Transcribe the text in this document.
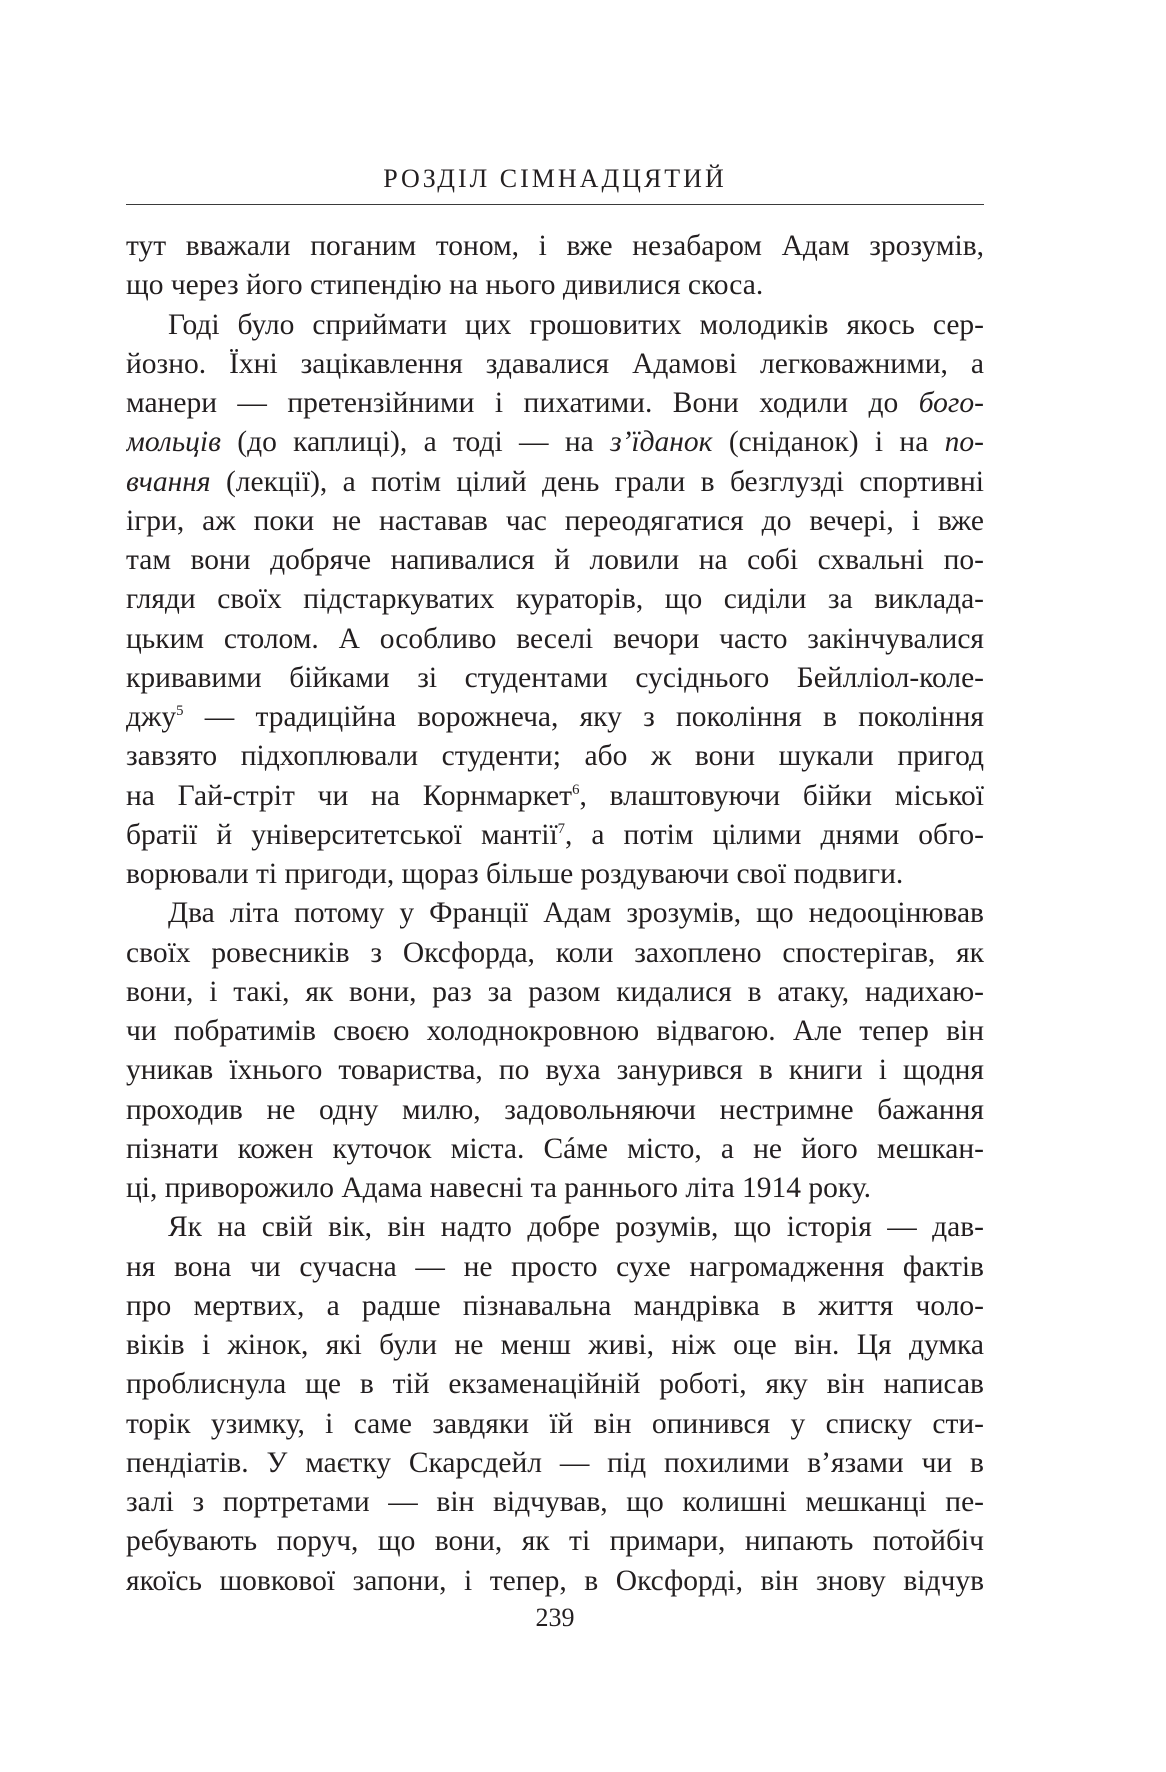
РОЗДІЛ СІМНАДЦЯТИЙ
тут вважали поганим тоном, і вже незабаром Адам зрозумів,
що через його стипендію на нього дивилися скоса.
Годі було сприймати цих грошовитих молодиків якось сер-
йозно. Їхні зацікавлення здавалися Адамові легковажними, а
манери — претензійними і пихатими. Вони ходили до бого-
мольців (до каплиці), а тоді — на з’їданок (сніданок) і на по-
вчання (лекції), а потім цілий день грали в безглузді спортивні
ігри, аж поки не наставав час переодягатися до вечері, і вже
там вони добряче напивалися й ловили на собі схвальні по-
гляди своїх підстаркуватих кураторів, що сиділи за виклада-
цьким столом. А особливо веселі вечори часто закінчувалися
кривавими бійками зі студентами сусіднього Бейлліол-коле-
джу$^5$ — традиційна ворожнеча, яку з покоління в покоління
завзято підхоплювали студенти; або ж вони шукали пригод
на Гай-стріт чи на Корнмаркет$^6$, влаштовуючи бійки міської
братії й університетської мантії$^7$, а потім цілими днями обго-
ворювали ті пригоди, щораз більше роздуваючи свої подвиги.
Два літа потому у Франції Адам зрозумів, що недооцінював
своїх ровесників з Оксфорда, коли захоплено спостерігав, як
вони, і такі, як вони, раз за разом кидалися в атаку, надихаю-
чи побратимів своєю холоднокровною відвагою. Але тепер він
уникав їхнього товариства, по вуха занурився в книги і щодня
проходив не одну милю, задовольняючи нестримне бажання
пізнати кожен куточок міста. Сáме місто, а не його мешкан-
ці, приворожило Адама навесні та раннього літа 1914 року.
Як на свій вік, він надто добре розумів, що історія — дав-
ня вона чи сучасна — не просто сухе нагромадження фактів
про мертвих, а радше пізнавальна мандрівка в життя чоло-
віків і жінок, які були не менш живі, ніж оце він. Ця думка
проблиснула ще в тій екзаменаційній роботі, яку він написав
торік узимку, і саме завдяки їй він опинився у списку сти-
пендіатів. У маєтку Скарсдейл — під похилими в’язами чи в
залі з портретами — він відчував, що колишні мешканці пе-
ребувають поруч, що вони, як ті примари, нипають потойбіч
якоїсь шовкової запони, і тепер, в Оксфорді, він знову відчув
239
